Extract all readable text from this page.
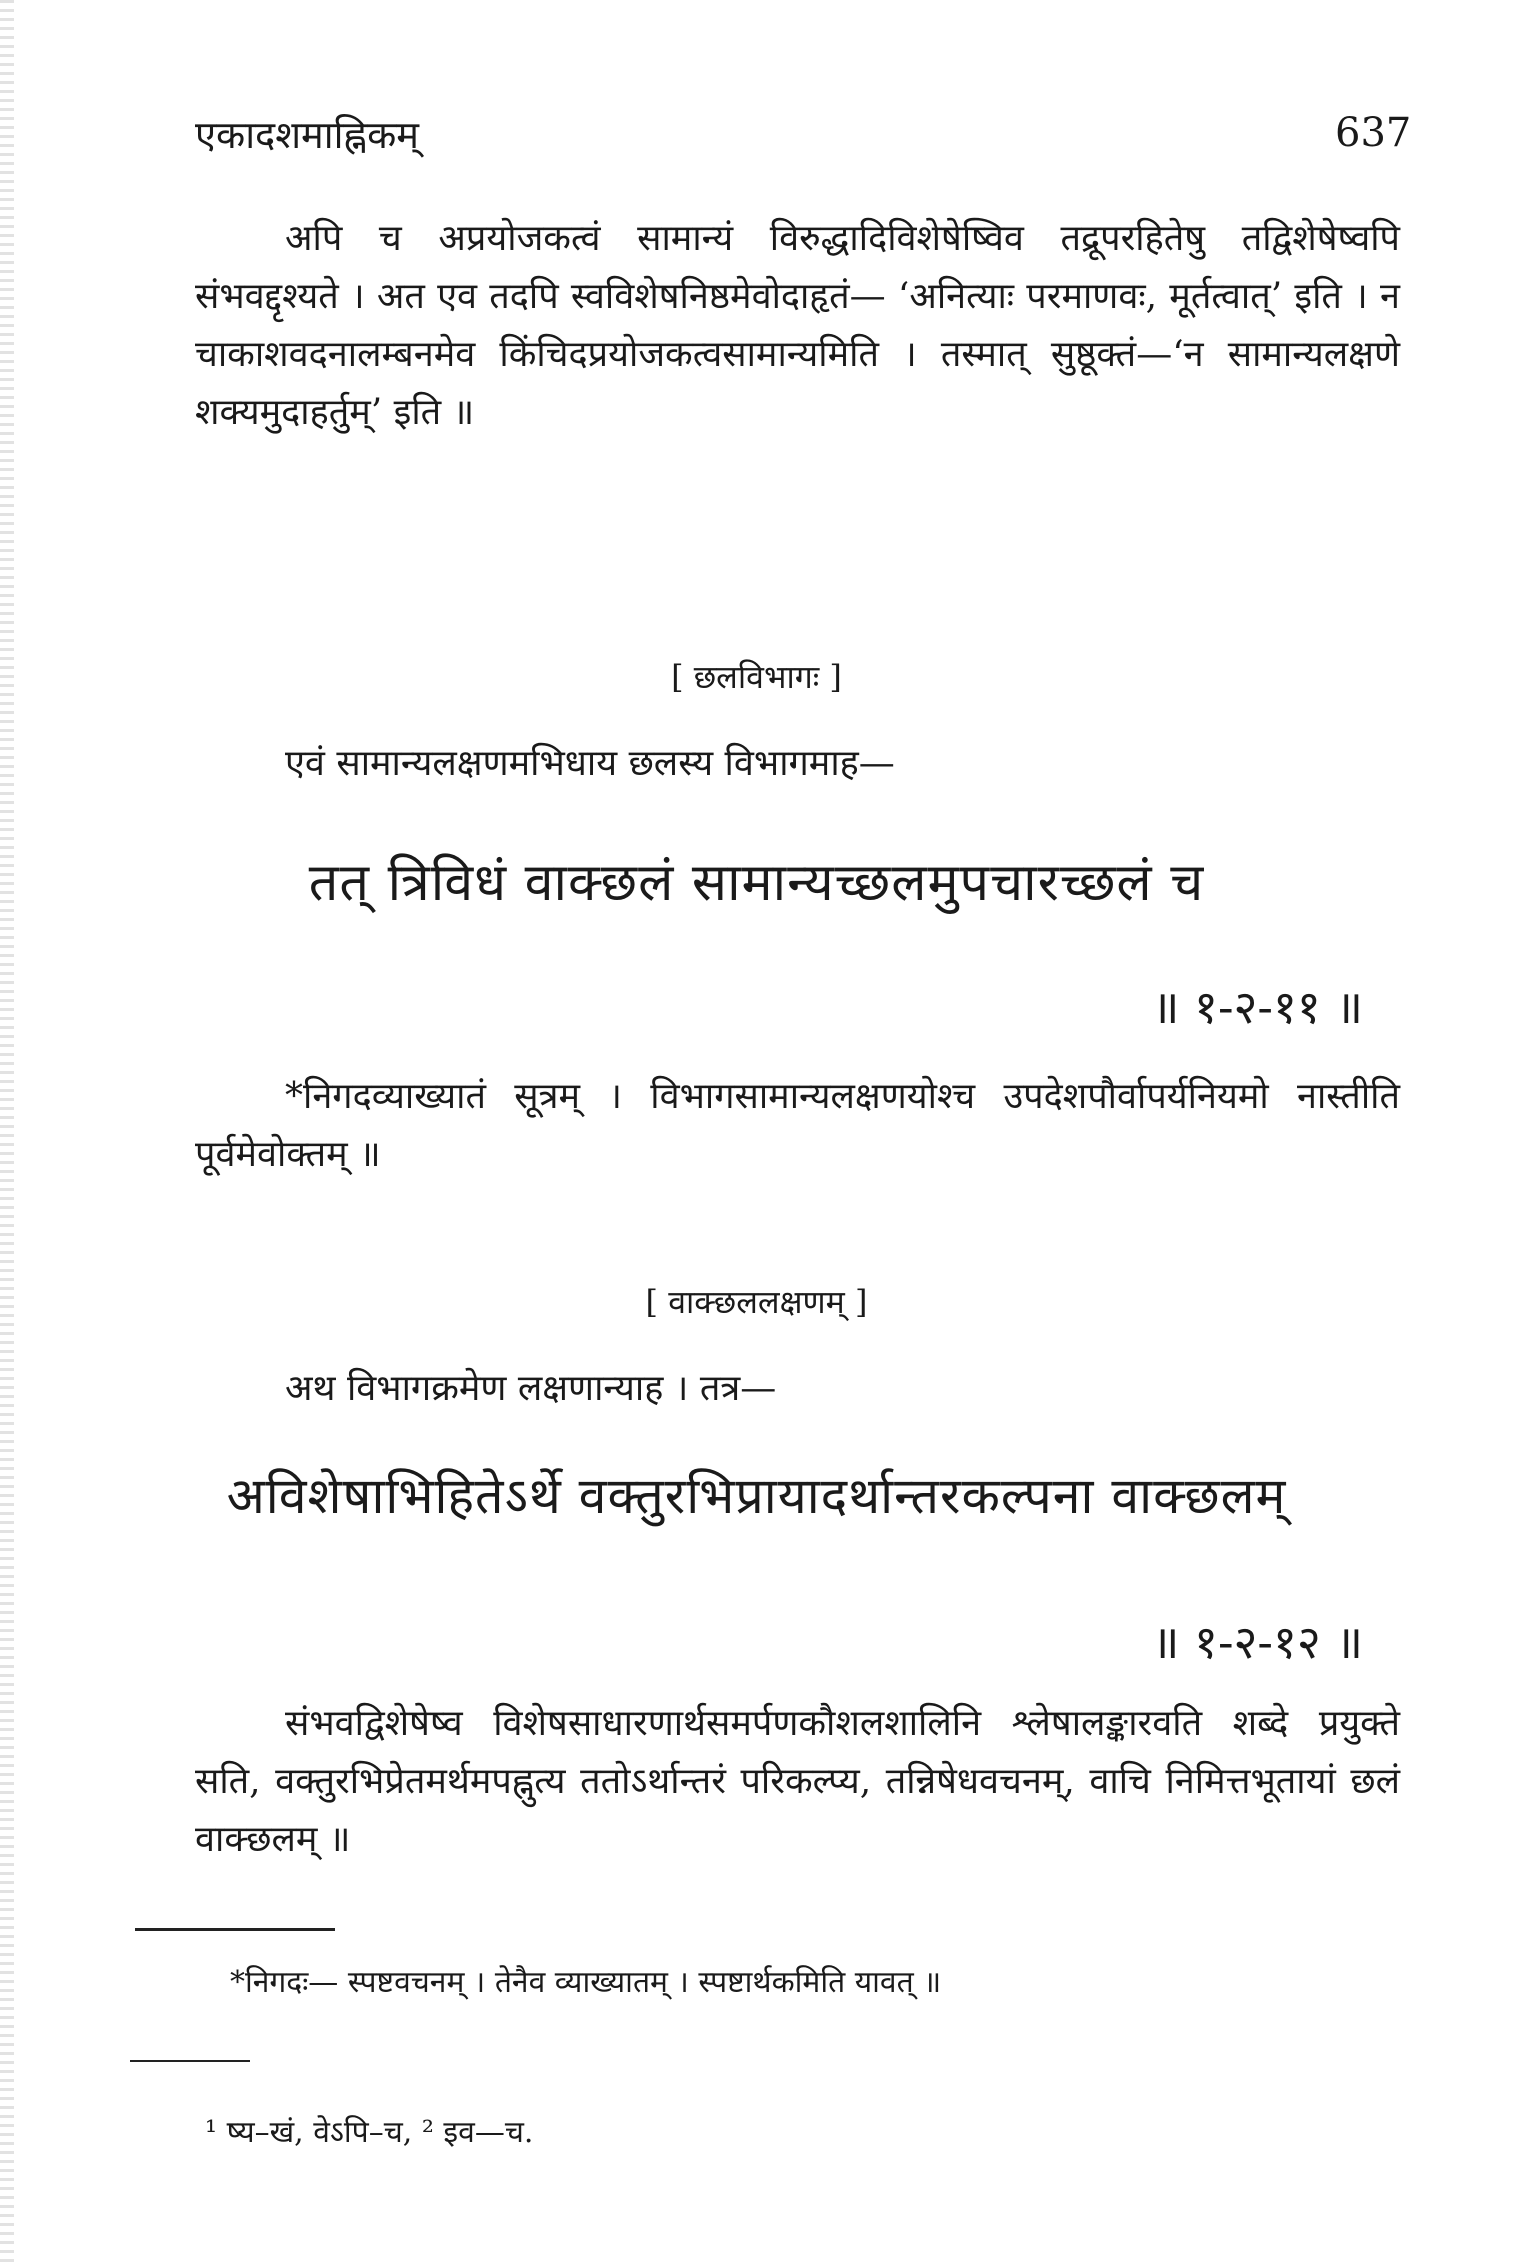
एकादशमाह्निकम्	637
अपि च अप्रयोजकत्वं सामान्यं विरुद्धादिविशेषेष्विव तद्रूपरहितेषु तद्विशेषेष्वपि संभवद्दृश्यते । अत एव तदपि स्वविशेषनिष्ठमेवोदाहृतं— ‘अनित्याः परमाणवः, मूर्तत्वात्’ इति । न चाकाशवदनालम्बनमेव किंचिदप्रयोजकत्वसामान्यमिति । तस्मात् सुष्ठूक्तं—‘न सामान्यलक्षणे शक्यमुदाहर्तुम्’ इति ॥
[ छलविभागः ]
एवं सामान्यलक्षणमभिधाय छलस्य विभागमाह—
तत् त्रिविधं वाक्छलं सामान्यच्छलमुपचारच्छलं च
॥ १-२-११ ॥
*निगदव्याख्यातं सूत्रम् । विभागसामान्यलक्षणयोश्च उपदेशपौर्वापर्यनियमो नास्तीति पूर्वमेवोक्तम् ॥
[ वाक्छललक्षणम् ]
अथ विभागक्रमेण लक्षणान्याह । तत्र—
अविशेषाभिहितेऽर्थे वक्तुरभिप्रायादर्थान्तरकल्पना वाक्छलम्
॥ १-२-१२ ॥
संभवद्विशेषेष्व विशेषसाधारणार्थसमर्पणकौशलशालिनि श्लेषालङ्कारवति शब्दे प्रयुक्ते सति, वक्तुरभिप्रेतमर्थमपह्नुत्य ततोऽर्थान्तरं परिकल्प्य, तन्निषेधवचनम्, वाचि निमित्तभूतायां छलं वाक्छलम् ॥
*निगदः— स्पष्टवचनम् । तेनैव व्याख्यातम् । स्पष्टार्थकमिति यावत् ॥
¹ ष्य–खं, वेऽपि–च, ² इव—च.
